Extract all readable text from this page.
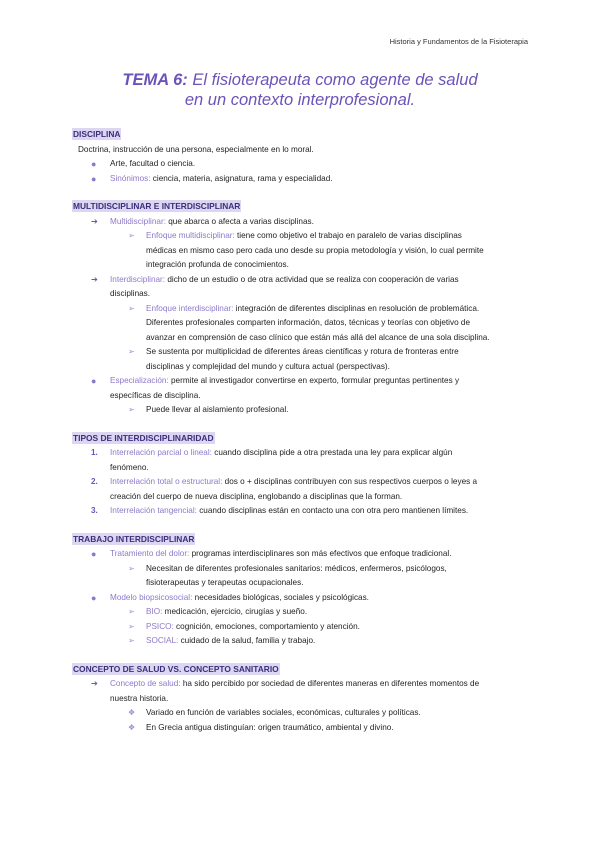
Historia y Fundamentos de la Fisioterapia
TEMA 6: El fisioterapeuta como agente de salud
en un contexto interprofesional.
DISCIPLINA
Doctrina, instrucción de una persona, especialmente en lo moral.
● Arte, facultad o ciencia.
● Sinónimos: ciencia, materia, asignatura, rama y especialidad.
MULTIDISCIPLINAR E INTERDISCIPLINAR
➔ Multidisciplinar: que abarca o afecta a varias disciplinas.
➢ Enfoque multidisciplinar: tiene como objetivo el trabajo en paralelo de varias disciplinas
médicas en mismo caso pero cada uno desde su propia metodología y visión, lo cual permite
integración profunda de conocimientos.
➔ Interdisciplinar: dicho de un estudio o de otra actividad que se realiza con cooperación de varias
disciplinas.
➢ Enfoque interdisciplinar: integración de diferentes disciplinas en resolución de problemática.
Diferentes profesionales comparten información, datos, técnicas y teorías con objetivo de
avanzar en comprensión de caso clínico que están más allá del alcance de una sola disciplina.
➢ Se sustenta por multiplicidad de diferentes áreas científicas y rotura de fronteras entre
disciplinas y complejidad del mundo y cultura actual (perspectivas).
● Especialización: permite al investigador convertirse en experto, formular preguntas pertinentes y
específicas de disciplina.
➢ Puede llevar al aislamiento profesional.
TIPOS DE INTERDISCIPLINARIDAD
1. Interrelación parcial o lineal: cuando disciplina pide a otra prestada una ley para explicar algún
fenómeno.
2. Interrelación total o estructural: dos o + disciplinas contribuyen con sus respectivos cuerpos o leyes a
creación del cuerpo de nueva disciplina, englobando a disciplinas que la forman.
3. Interrelación tangencial: cuando disciplinas están en contacto una con otra pero mantienen límites.
TRABAJO INTERDISCIPLINAR
● Tratamiento del dolor: programas interdisciplinares son más efectivos que enfoque tradicional.
➢ Necesitan de diferentes profesionales sanitarios: médicos, enfermeros, psicólogos,
fisioterapeutas y terapeutas ocupacionales.
● Modelo biopsicosocial: necesidades biológicas, sociales y psicológicas.
➢ BIO: medicación, ejercicio, cirugías y sueño.
➢ PSICO: cognición, emociones, comportamiento y atención.
➢ SOCIAL: cuidado de la salud, familia y trabajo.
CONCEPTO DE SALUD VS. CONCEPTO SANITARIO
➔ Concepto de salud: ha sido percibido por sociedad de diferentes maneras en diferentes momentos de
nuestra historia.
❖ Variado en función de variables sociales, económicas, culturales y políticas.
❖ En Grecia antigua distinguían: origen traumático, ambiental y divino.
